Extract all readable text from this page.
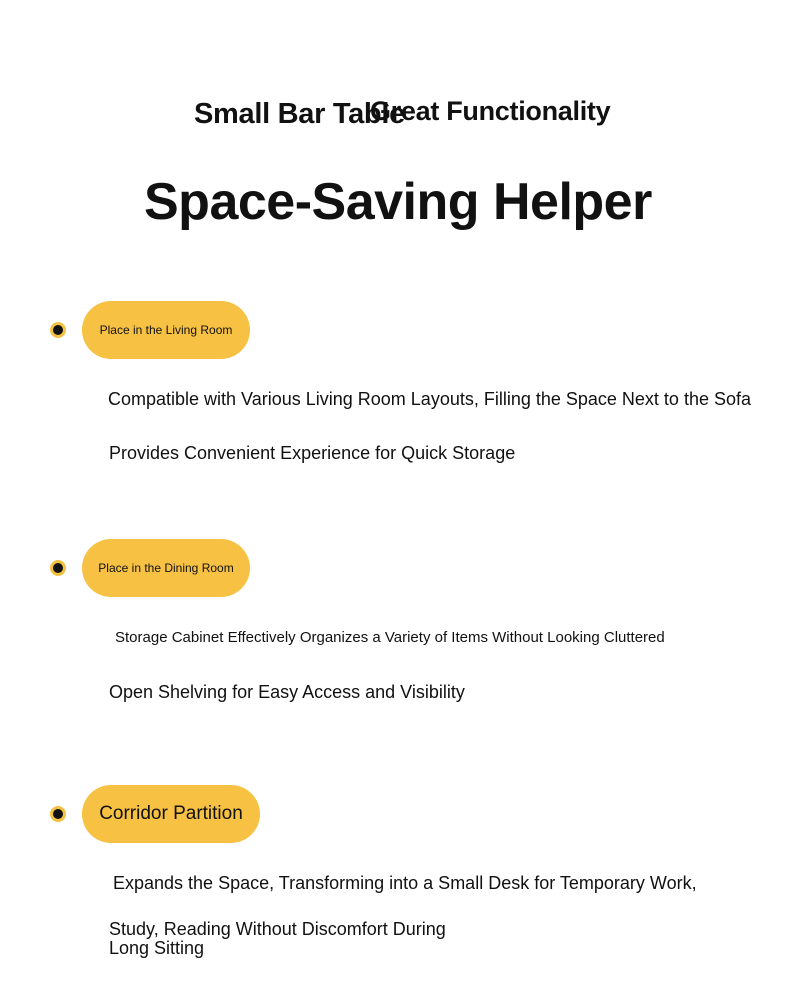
Small Bar Table
Great Functionality
Space-Saving Helper
Place in the Living Room
Compatible with Various Living Room Layouts, Filling the Space Next to the Sofa
Provides Convenient Experience for Quick Storage
Place in the Dining Room
Storage Cabinet Effectively Organizes a Variety of Items Without Looking Cluttered
Open Shelving for Easy Access and Visibility
Corridor Partition
Expands the Space, Transforming into a Small Desk for Temporary Work,
Study, Reading Without Discomfort During
Long Sitting
